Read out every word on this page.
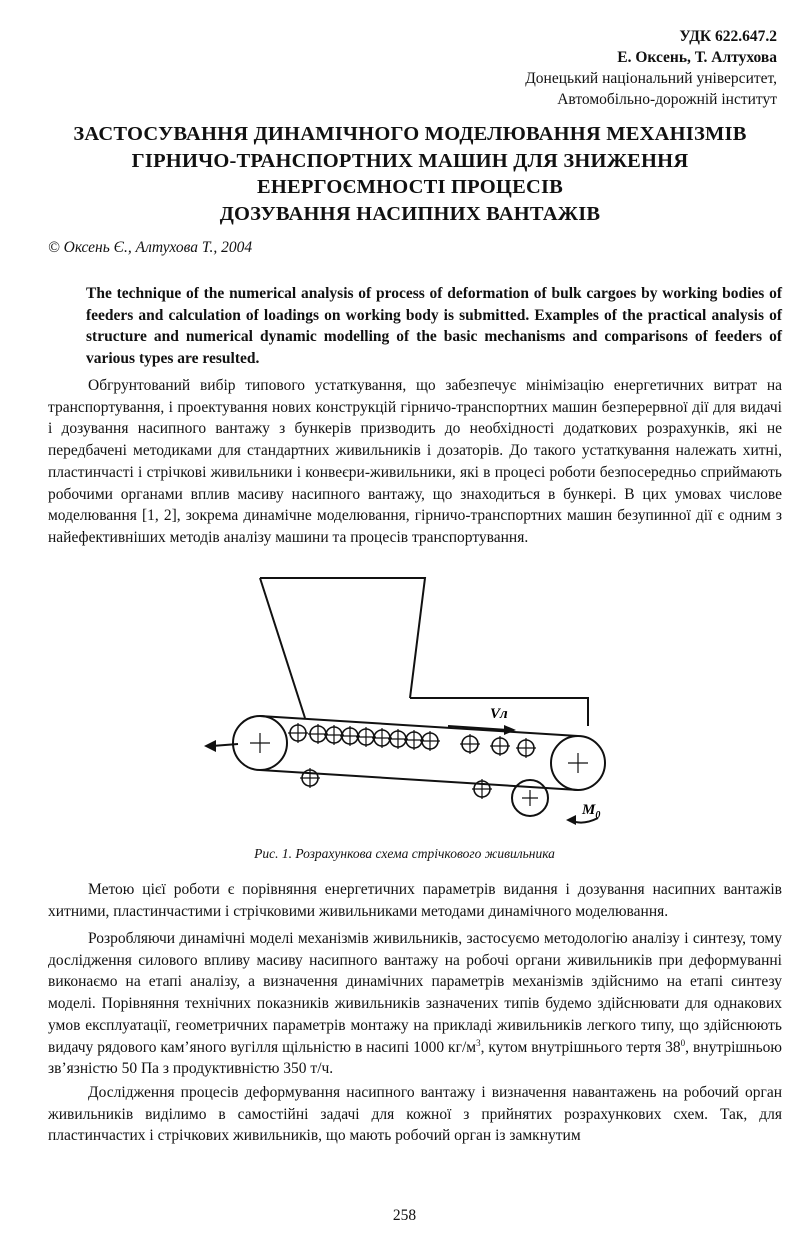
УДК 622.647.2
Е. Оксень, Т. Алтухова
Донецький національний університет,
Автомобільно-дорожній інститут
ЗАСТОСУВАННЯ ДИНАМІЧНОГО МОДЕЛЮВАННЯ МЕХАНІЗМІВ
ГІРНИЧО-ТРАНСПОРТНИХ МАШИН ДЛЯ ЗНИЖЕННЯ
ЕНЕРГОЄМНОСТІ ПРОЦЕСІВ
ДОЗУВАННЯ НАСИПНИХ ВАНТАЖІВ
© Оксень Є., Алтухова Т., 2004
The technique of the numerical analysis of process of deformation of bulk cargoes by working bodies of feeders and calculation of loadings on working body is submitted. Examples of the practical analysis of structure and numerical dynamic modelling of the basic mechanisms and comparisons of feeders of various types are resulted.
Обгрунтований вибір типового устаткування, що забезпечує мінімізацію енергетичних витрат на транспортування, і проектування нових конструкцій гірничо-транспортних машин безперервної дії для видачі і дозування насипного вантажу з бункерів призводить до необхідності додаткових розрахунків, які не передбачені методиками для стандартних живильників і дозаторів. До такого устаткування належать хитні, пластинчасті і стрічкові живильники і конвеєри-живильники, які в процесі роботи безпосередньо сприймають робочими органами вплив масиву насипного вантажу, що знаходиться в бункері. В цих умовах числове моделювання [1, 2], зокрема динамічне моделювання, гірничо-транспортних машин безупинної дії є одним з найефективніших методів аналізу машини та процесів транспортування.
Vл
$M_0$
Рис. 1. Розрахункова схема стрічкового живильника
Метою цієї роботи є порівняння енергетичних параметрів видання і дозування насипних вантажів хитними, пластинчастими і стрічковими живильниками методами динамічного моделювання.
Розробляючи динамічні моделі механізмів живильників, застосуємо методологію аналізу і синтезу, тому дослідження силового впливу масиву насипного вантажу на робочі органи живильників при деформуванні виконаємо на етапі аналізу, а визначення динамічних параметрів механізмів здійснимо на етапі синтезу моделі. Порівняння технічних показників живильників зазначених типів будемо здійснювати для однакових умов експлуатації, геометричних параметрів монтажу на прикладі живильників легкого типу, що здійснюють видачу рядового кам’яного вугілля щільністю в насипі 1000 $кг/м^3$, кутом внутрішнього тертя $38^0$, внутрішньою зв’язністю 50 Па з продуктивністю 350 т/ч.
Дослідження процесів деформування насипного вантажу і визначення навантажень на робочий орган живильників виділимо в самостійні задачі для кожної з прийнятих розрахункових схем. Так, для пластинчастих і стрічкових живильників, що мають робочий орган із замкнутим
258
